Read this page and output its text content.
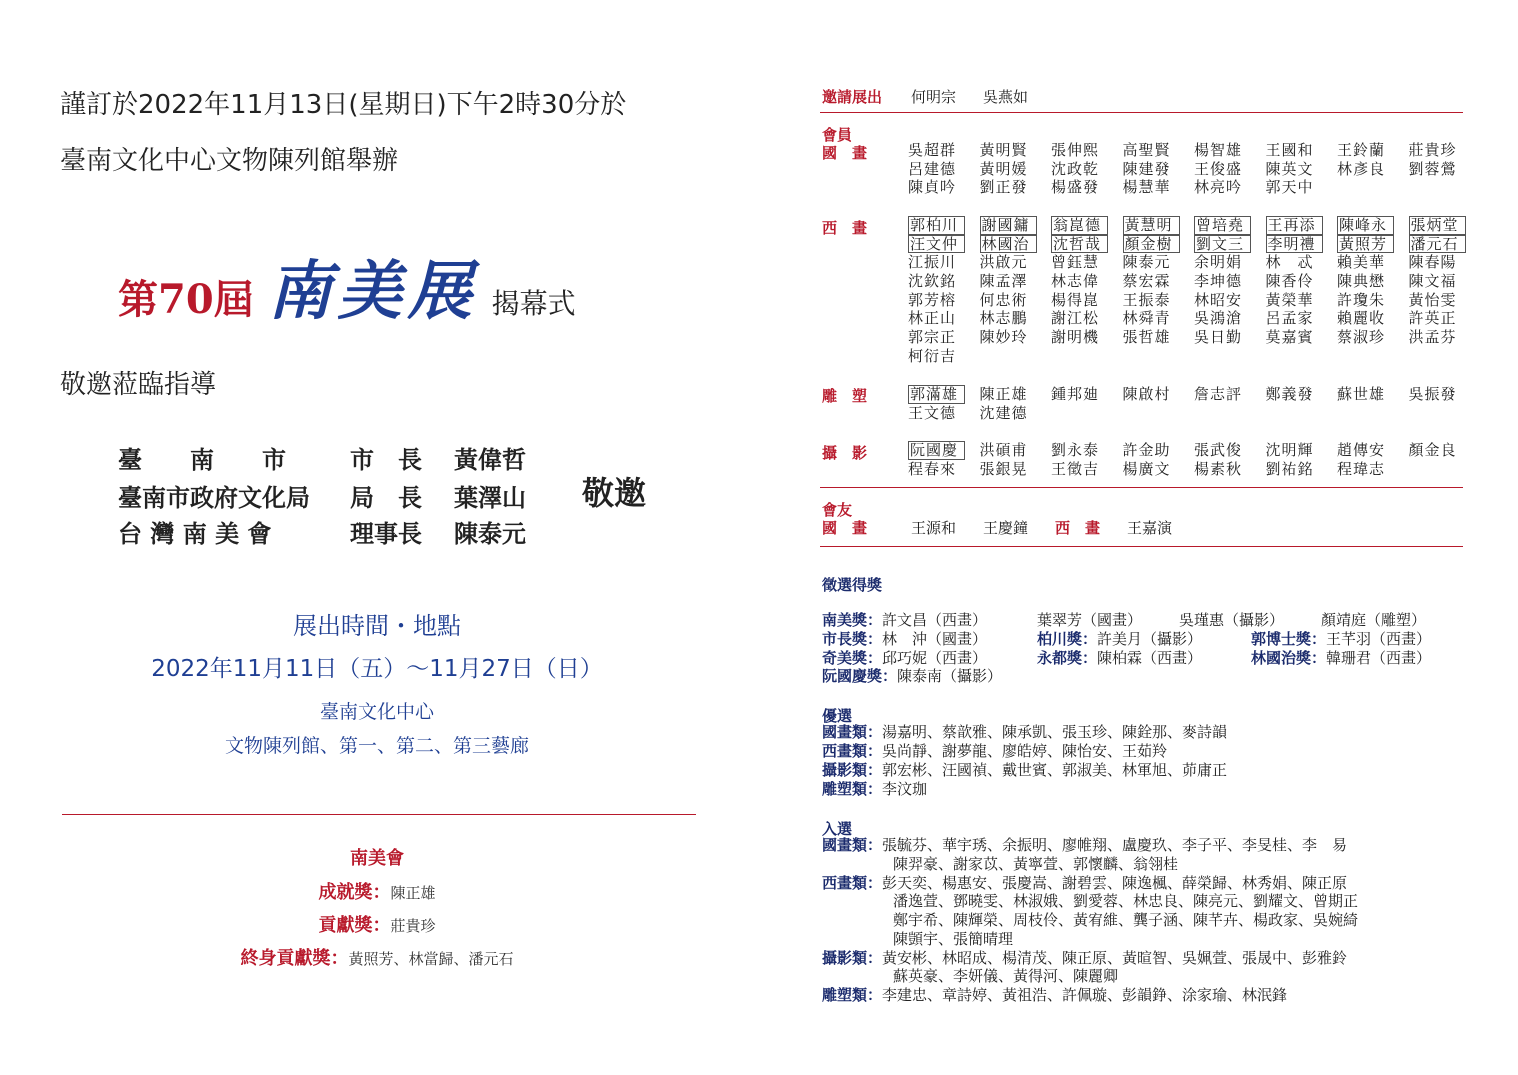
謹訂於2022年11月13日(星期日)下午2時30分於
臺南文化中心文物陳列館舉辦
第70屆 南美展 揭幕式
敬邀蒞臨指導
臺　　南　　市	市　長 黃偉哲
臺南市政府文化局 局　長 葉澤山
台 灣 南 美 會	理事長 陳泰元
敬邀
展出時間・地點
2022年11月11日（五）～11月27日（日）
臺南文化中心
文物陳列館、第一、第二、第三藝廊
南美會
成就獎：陳正雄
貢獻獎：莊貴珍
終身貢獻獎：黃照芳、林當歸、潘元石
邀請展出 何明宗 吳燕如
會員
國　畫	吳超群	黃明賢	張伸熙	高聖賢	楊智雄	王國和	王鈴蘭	莊貴珍
呂建德	黃明媛	沈政乾	陳建發	王俊盛	陳英文	林彥良	劉蓉鶯
陳貞吟	劉正發	楊盛發	楊慧華	林亮吟	郭天中
西　畫	郭柏川	謝國鏞	翁崑德	黃慧明	曾培堯	王再添	陳峰永	張炳堂
汪文仲	林國治	沈哲哉	顏金樹	劉文三	李明禮	黃照芳	潘元石
江振川	洪啟元	曾鈺慧	陳泰元	余明娟	林　忒	賴美華	陳春陽
沈欽銘	陳孟澤	林志偉	蔡宏霖	李坤德	陳香伶	陳典懋	陳文福
郭芳榕	何忠術	楊得崑	王振泰	林昭安	黃榮華	許瓊朱	黃怡雯
林正山	林志鵬	謝江松	林舜青	吳鴻滄	呂孟家	賴麗收	許英正
郭宗正	陳妙玲	謝明機	張哲雄	吳日勤	莫嘉賓	蔡淑珍	洪孟芬
柯衍吉
雕　塑	郭滿雄	陳正雄	鍾邦廸	陳啟村	詹志評	鄭義發	蘇世雄	吳振發
王文德	沈建德
攝　影	阮國慶	洪碩甫	劉永泰	許金助	張武俊	沈明輝	趙傳安	顏金良
程春來	張銀晃	王徵吉	楊廣文	楊素秋	劉祐銘	程瑋志
會友
國　畫	王源和 王慶鐘 西　畫 王嘉演
徵選得獎
南美獎：許文昌（西畫）	葉翠芳（國畫） 吳瑾惠（攝影） 顏靖庭（雕塑）
市長獎：林　沖（國畫）	柏川獎：許美月（攝影）	郭博士獎：王芊羽（西畫）
奇美獎：邱巧妮（西畫）	永都獎：陳柏霖（西畫）	林國治獎：韓珊君（西畫）
阮國慶獎：陳泰南（攝影）
優選
國畫類：湯嘉明、蔡歆雅、陳承凱、張玉珍、陳銓那、麥詩韻
西畫類：吳尚靜、謝夢龍、廖皓婷、陳怡安、王茹羚
攝影類：郭宏彬、汪國禎、戴世賓、郭淑美、林軍旭、茆庸正
雕塑類：李汶珈
入選
國畫類：張毓芬、華宇琇、余振明、廖帷翔、盧慶玖、李子平、李旻桂、李　易
陳羿豪、謝家苡、黃寧萱、郭懷麟、翁翎桂
西畫類：彭天奕、楊惠安、張慶嵩、謝碧雲、陳逸楓、薛榮歸、林秀娟、陳正原
潘逸萱、鄧曉雯、林淑娥、劉愛蓉、林忠良、陳亮元、劉耀文、曾期正
鄭宇希、陳輝榮、周枝伶、黃宥維、龔子涵、陳芊卉、楊政家、吳婉綺
陳顗宇、張簡晴理
攝影類：黃安彬、林昭成、楊清茂、陳正原、黃暄智、吳姵萱、張晟中、彭雅鈴
蘇英豪、李妍儀、黃得河、陳麗卿
雕塑類：李建忠、章詩婷、黃祖浩、許佩璇、彭韻錚、涂家瑜、林泯鋒
